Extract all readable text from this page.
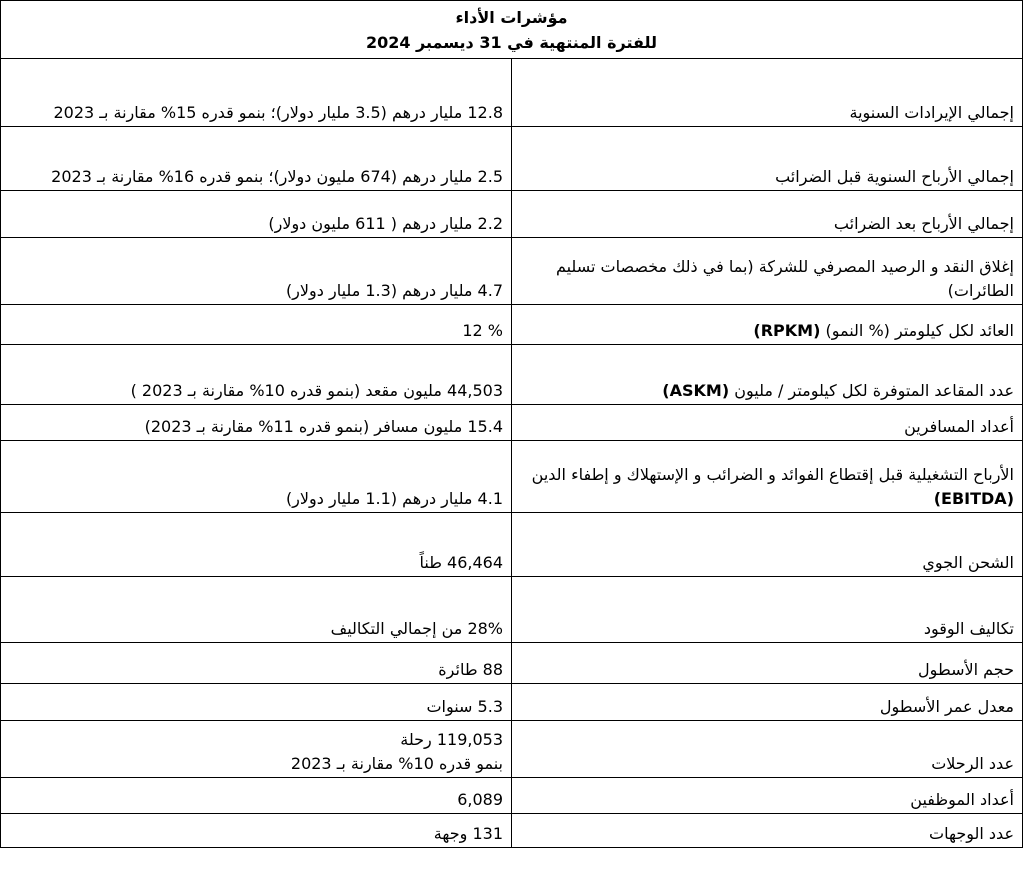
مؤشرات الأداء
للفترة المنتهية في 31 ديسمبر 2024	

إجمالي الإيرادات السنوية	12.8 مليار درهم (3.5 مليار دولار)؛ بنمو قدره 15% مقارنة بـ 2023
إجمالي الأرباح السنوية قبل الضرائب	2.5 مليار درهم (674 مليون دولار)؛ بنمو قدره 16% مقارنة بـ 2023
إجمالي الأرباح بعد الضرائب	2.2 مليار درهم ( 611 مليون دولار)
إغلاق النقد و الرصيد المصرفي للشركة (بما في ذلك مخصصات تسليم الطائرات)	4.7 مليار درهم (1.3 مليار دولار)
العائد لكل كيلومتر (% النمو) (RPKM)	% 12
عدد المقاعد المتوفرة لكل كيلومتر / مليون (ASKM)	44,503 مليون مقعد (بنمو قدره 10% مقارنة بـ 2023 )
أعداد المسافرين	15.4 مليون مسافر (بنمو قدره 11% مقارنة بـ 2023)
الأرباح التشغيلية قبل إقتطاع الفوائد و الضرائب و الإستهلاك و إطفاء الدين (EBITDA)	4.1 مليار درهم (1.1 مليار دولار)
الشحن الجوي	46,464 طناً
تكاليف الوقود	28% من إجمالي التكاليف
حجم الأسطول	88 طائرة
معدل عمر الأسطول	5.3 سنوات
عدد الرحلات	119,053 رحلة
بنمو قدره 10% مقارنة بـ 2023

أعداد الموظفين	6,089
عدد الوجهات	131 وجهة
